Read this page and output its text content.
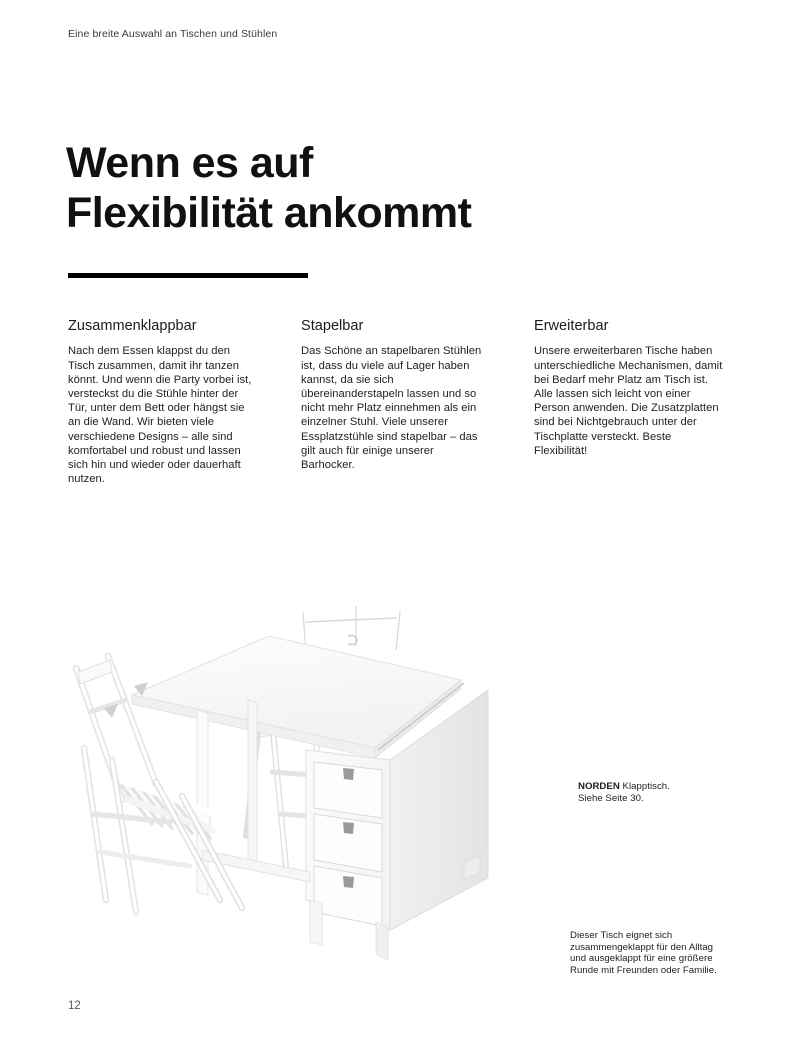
Eine breite Auswahl an Tischen und Stühlen
Wenn es auf
Flexibilität ankommt
Zusammenklappbar

Nach dem Essen klappst du den Tisch zusammen, damit ihr tanzen könnt. Und wenn die Party vorbei ist, versteckst du die Stühle hinter der Tür, unter dem Bett oder hängst sie an die Wand. Wir bieten viele verschiedene Designs – alle sind komfortabel und robust und lassen sich hin und wieder oder dauerhaft nutzen.

Stapelbar

Das Schöne an stapelbaren Stühlen ist, dass du viele auf Lager haben kannst, da sie sich übereinanderstapeln lassen und so nicht mehr Platz einnehmen als ein einzelner Stuhl. Viele unserer Essplatzstühle sind stapelbar – das gilt auch für einige unserer Barhocker.

Erweiterbar

Unsere erweiterbaren Tische haben unterschiedliche Mechanismen, damit bei Bedarf mehr Platz am Tisch ist. Alle lassen sich leicht von einer Person anwenden. Die Zusatzplatten sind bei Nichtgebrauch unter der Tischplatte versteckt. Beste Flexibilität!

NORDEN Klapptisch.
Siehe Seite 30.
Dieser Tisch eignet sich zusammengeklappt für den Alltag und ausgeklappt für eine größere Runde mit Freunden oder Familie.
12
